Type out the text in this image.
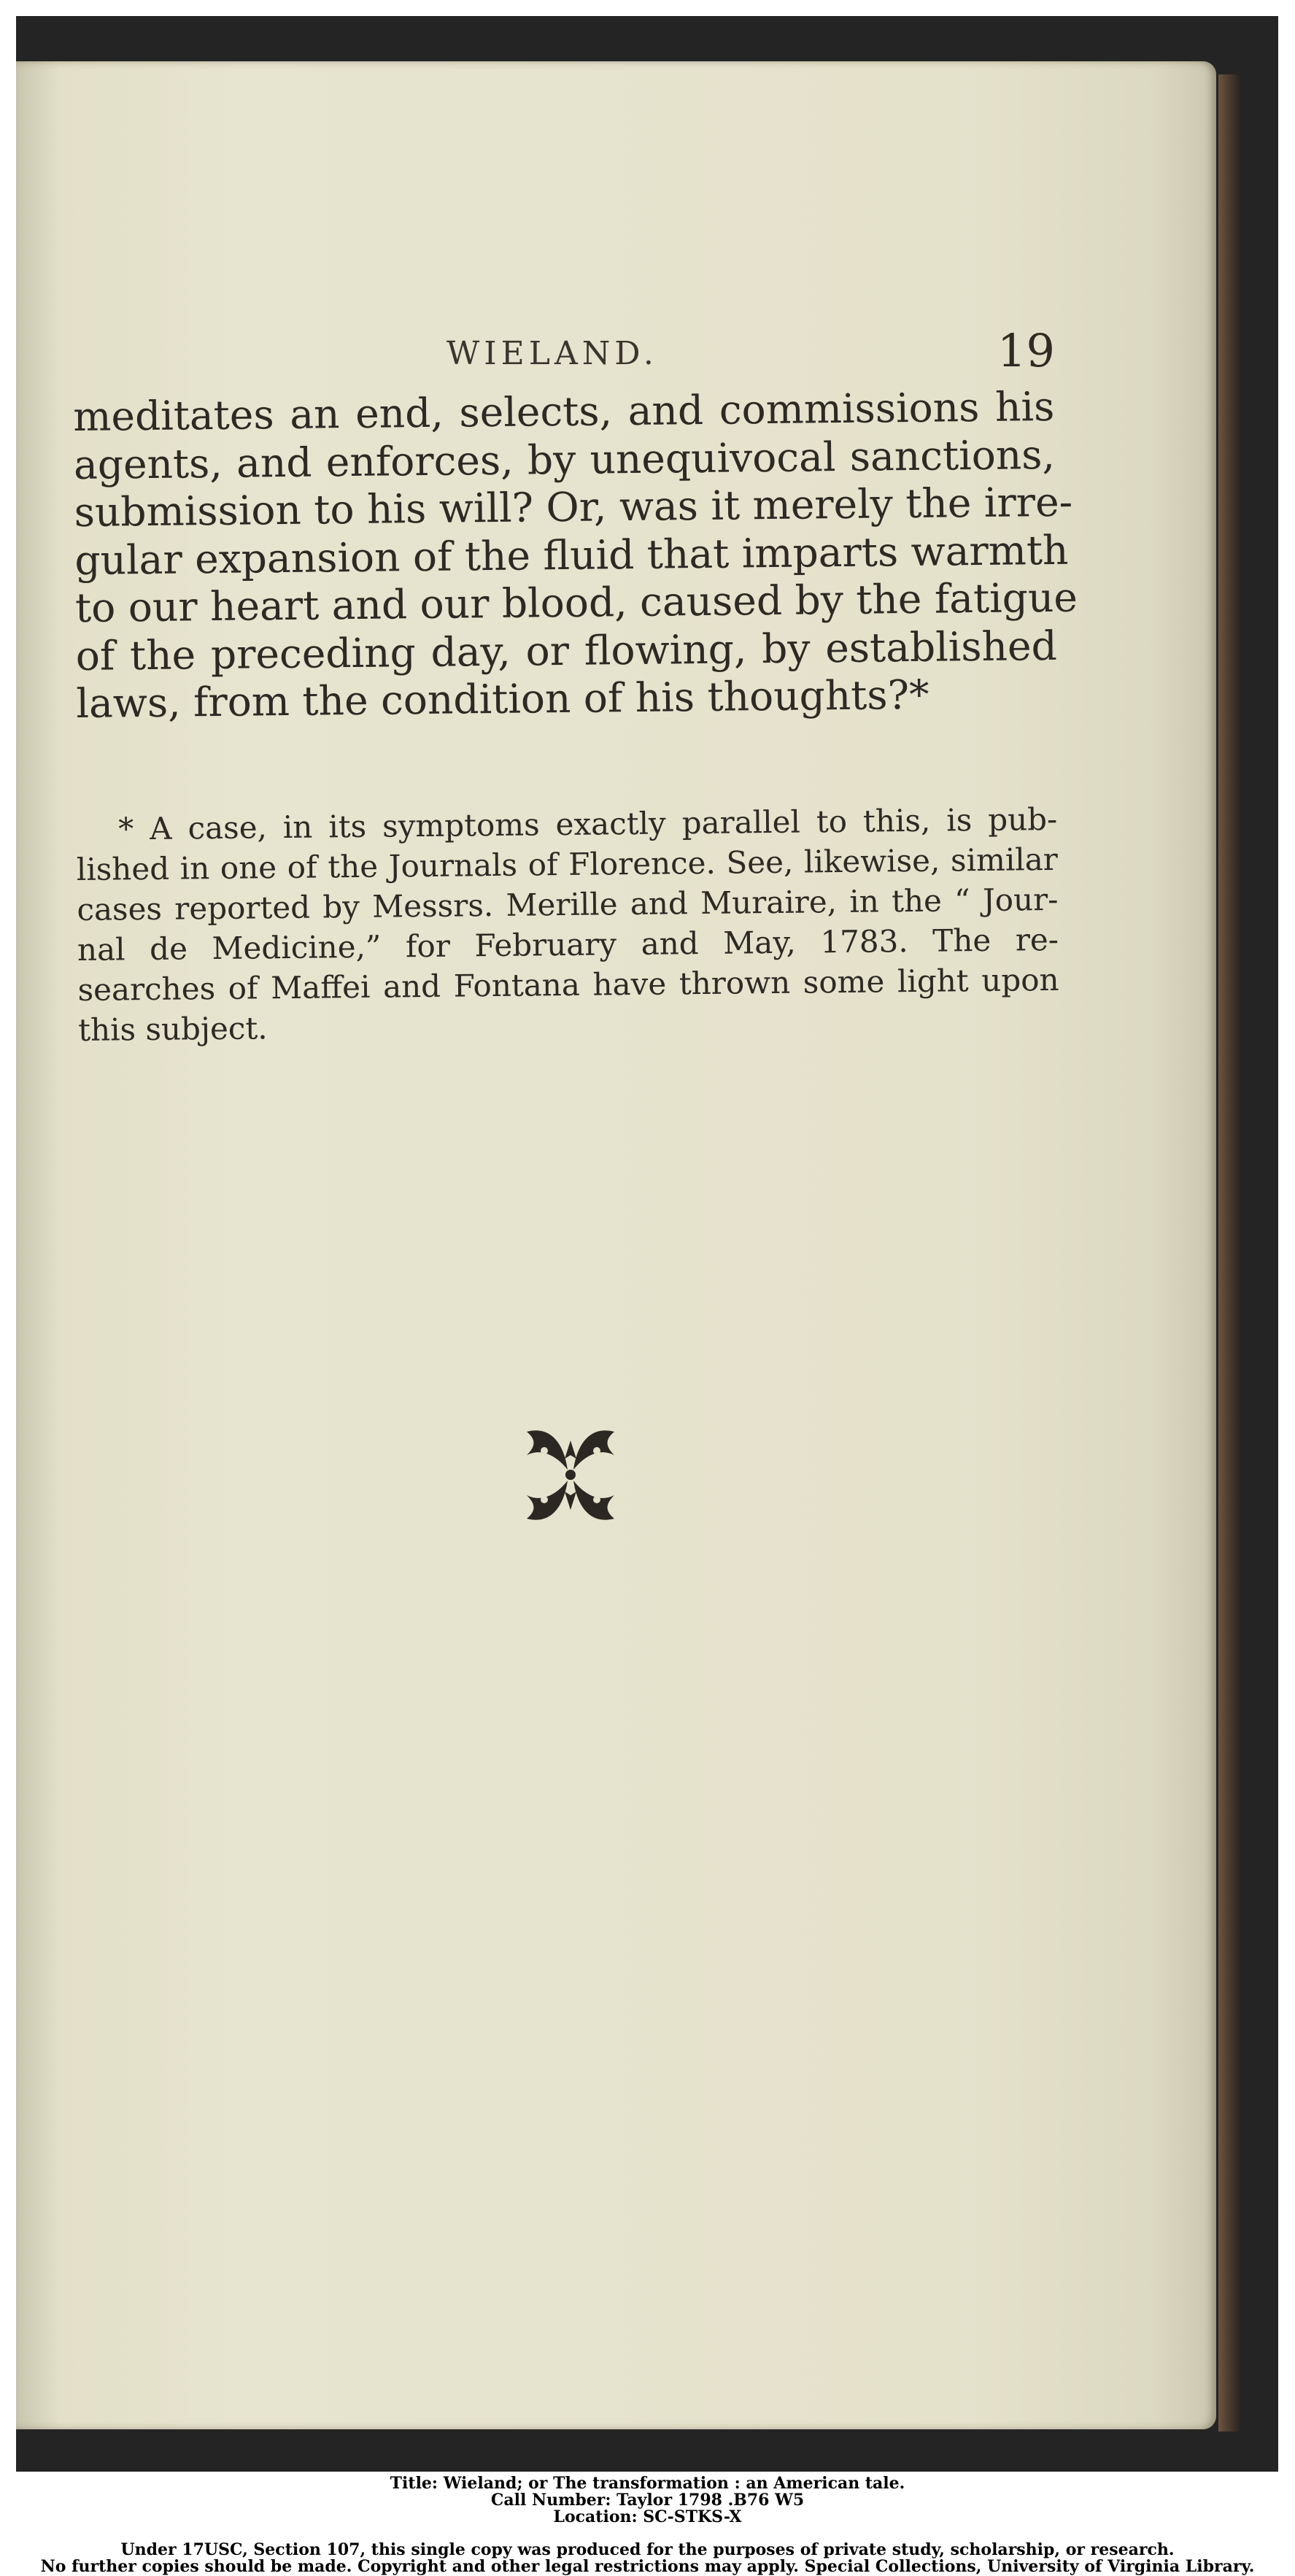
WIELAND.	19
meditates an end, selects, and commissions his
agents, and enforces, by unequivocal sanctions,
submission to his will? Or, was it merely the irre-
gular expansion of the fluid that imparts warmth
to our heart and our blood, caused by the fatigue
of the preceding day, or flowing, by established
laws, from the condition of his thoughts?*
* A case, in its symptoms exactly parallel to this, is pub-
lished in one of the Journals of Florence. See, likewise, similar
cases reported by Messrs. Merille and Muraire, in the “ Jour-
nal de Medicine,” for February and May, 1783. The re-
searches of Maffei and Fontana have thrown some light upon
this subject.
Title: Wieland; or The transformation : an American tale.
Call Number: Taylor 1798 .B76 W5
Location: SC-STKS-X
Under 17USC, Section 107, this single copy was produced for the purposes of private study, scholarship, or research.
No further copies should be made. Copyright and other legal restrictions may apply. Special Collections, University of Virginia Library.
